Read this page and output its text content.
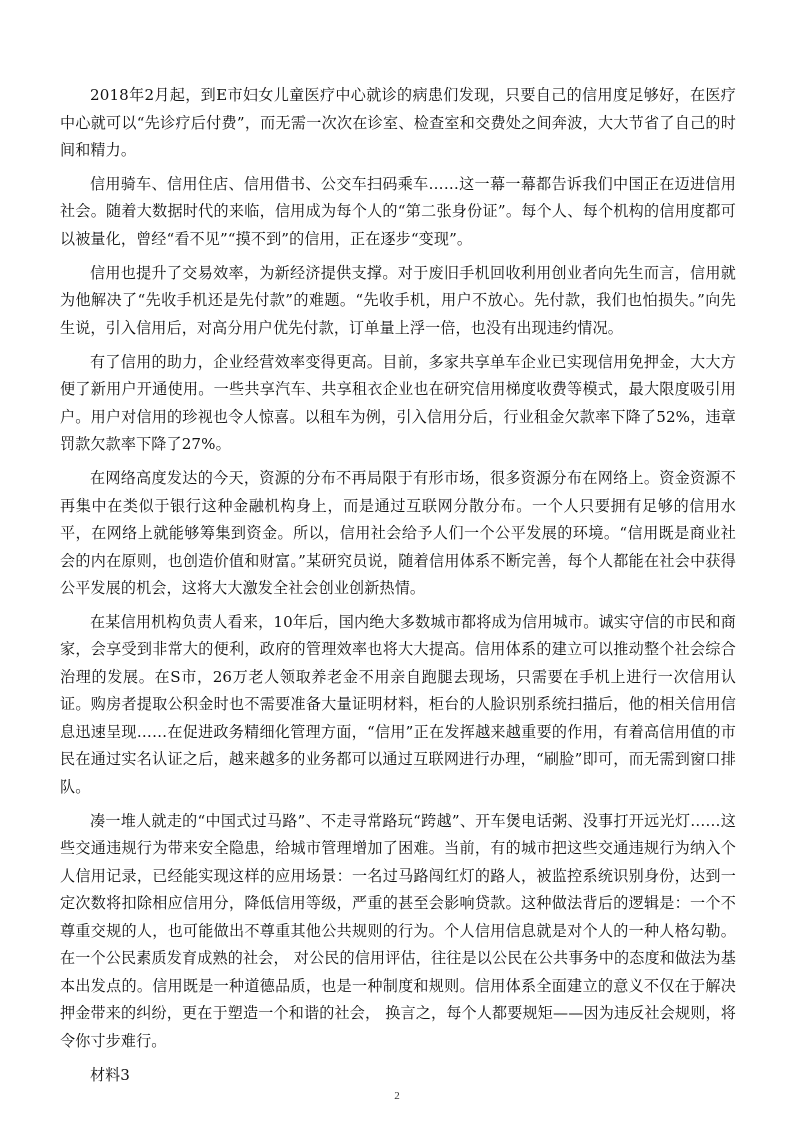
2018年2月起，到E市妇女儿童医疗中心就诊的病患们发现，只要自己的信用度足够好，在医疗中心就可以“先诊疗后付费”，而无需一次次在诊室、检查室和交费处之间奔波，大大节省了自己的时间和精力。

信用骑车、信用住店、信用借书、公交车扫码乘车……这一幕一幕都告诉我们中国正在迈进信用社会。随着大数据时代的来临，信用成为每个人的“第二张身份证”。每个人、每个机构的信用度都可以被量化，曾经“看不见”“摸不到”的信用，正在逐步“变现”。

信用也提升了交易效率，为新经济提供支撑。对于废旧手机回收利用创业者向先生而言，信用就为他解决了“先收手机还是先付款”的难题。“先收手机，用户不放心。先付款，我们也怕损失。”向先生说，引入信用后，对高分用户优先付款，订单量上浮一倍，也没有出现违约情况。

有了信用的助力，企业经营效率变得更高。目前，多家共享单车企业已实现信用免押金，大大方便了新用户开通使用。一些共享汽车、共享租衣企业也在研究信用梯度收费等模式，最大限度吸引用户。用户对信用的珍视也令人惊喜。以租车为例，引入信用分后，行业租金欠款率下降了52%，违章罚款欠款率下降了27%。

在网络高度发达的今天，资源的分布不再局限于有形市场，很多资源分布在网络上。资金资源不再集中在类似于银行这种金融机构身上，而是通过互联网分散分布。一个人只要拥有足够的信用水平，在网络上就能够筹集到资金。所以，信用社会给予人们一个公平发展的环境。“信用既是商业社会的内在原则，也创造价值和财富。”某研究员说，随着信用体系不断完善，每个人都能在社会中获得公平发展的机会，这将大大激发全社会创业创新热情。

在某信用机构负责人看来，10年后，国内绝大多数城市都将成为信用城市。诚实守信的市民和商家，会享受到非常大的便利，政府的管理效率也将大大提高。信用体系的建立可以推动整个社会综合治理的发展。在S市，26万老人领取养老金不用亲自跑腿去现场，只需要在手机上进行一次信用认证。购房者提取公积金时也不需要准备大量证明材料，柜台的人脸识别系统扫描后，他的相关信用信息迅速呈现……在促进政务精细化管理方面，“信用”正在发挥越来越重要的作用，有着高信用值的市民在通过实名认证之后，越来越多的业务都可以通过互联网进行办理，“刷脸”即可，而无需到窗口排队。

凑一堆人就走的“中国式过马路”、不走寻常路玩“跨越”、开车煲电话粥、没事打开远光灯……这些交通违规行为带来安全隐患，给城市管理增加了困难。当前，有的城市把这些交通违规行为纳入个人信用记录，已经能实现这样的应用场景：一名过马路闯红灯的路人，被监控系统识别身份，达到一定次数将扣除相应信用分，降低信用等级，严重的甚至会影响贷款。这种做法背后的逻辑是：一个不尊重交规的人，也可能做出不尊重其他公共规则的行为。个人信用信息就是对个人的一种人格勾勒。在一个公民素质发育成熟的社会， 对公民的信用评估，往往是以公民在公共事务中的态度和做法为基本出发点的。信用既是一种道德品质，也是一种制度和规则。信用体系全面建立的意义不仅在于解决押金带来的纠纷，更在于塑造一个和谐的社会， 换言之，每个人都要规矩——因为违反社会规则，将令你寸步难行。

材料3

2
